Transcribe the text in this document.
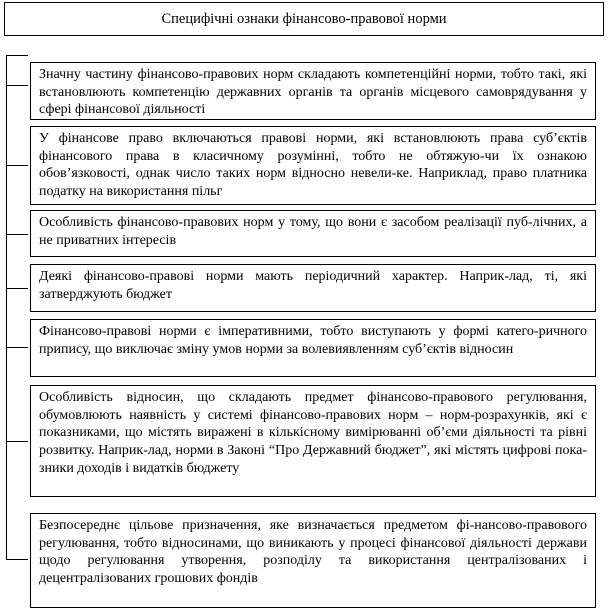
Специфічні ознаки фінансово-правової норми
Значну частину фінансово-правових норм складають компетенційні норми, тобто такі, які встановлюють компетенцію державних органів та органів місцевого самоврядування у сфері фінансової діяльності
У фінансове право включаються правові норми, які встановлюють права суб’єктів фінансового права в класичному розумінні, тобто не обтяжую-чи їх ознакою обов’язковості, однак число таких норм відносно невели-ке. Наприклад, право платника податку на використання пільг
Особливість фінансово-правових норм у тому, що вони є засобом реалізації пуб-лічних, а не приватних інтересів
Деякі фінансово-правові норми мають періодичний характер. Наприк-лад, ті, які затверджують бюджет
Фінансово-правові норми є імперативними, тобто виступають у формі катего-ричного припису, що виключає зміну умов норми за волевиявленням суб’єктів відносин
Особливість відносин, що складають предмет фінансово-правового регулювання, обумовлюють наявність у системі фінансово-правових норм – норм-розрахунків, які є показниками, що містять виражені в кількісному вимірюванні об’єми діяльності та рівні розвитку. Наприк-лад, норми в Законі “Про Державний бюджет”, які містять цифрові пока-зники доходів і видатків бюджету
Безпосереднє цільове призначення, яке визначається предметом фі-нансово-правового регулювання, тобто відносинами, що виникають у процесі фінансової діяльності держави щодо регулювання утворення, розподілу та використання централізованих і децентралізованих грошових фондів
